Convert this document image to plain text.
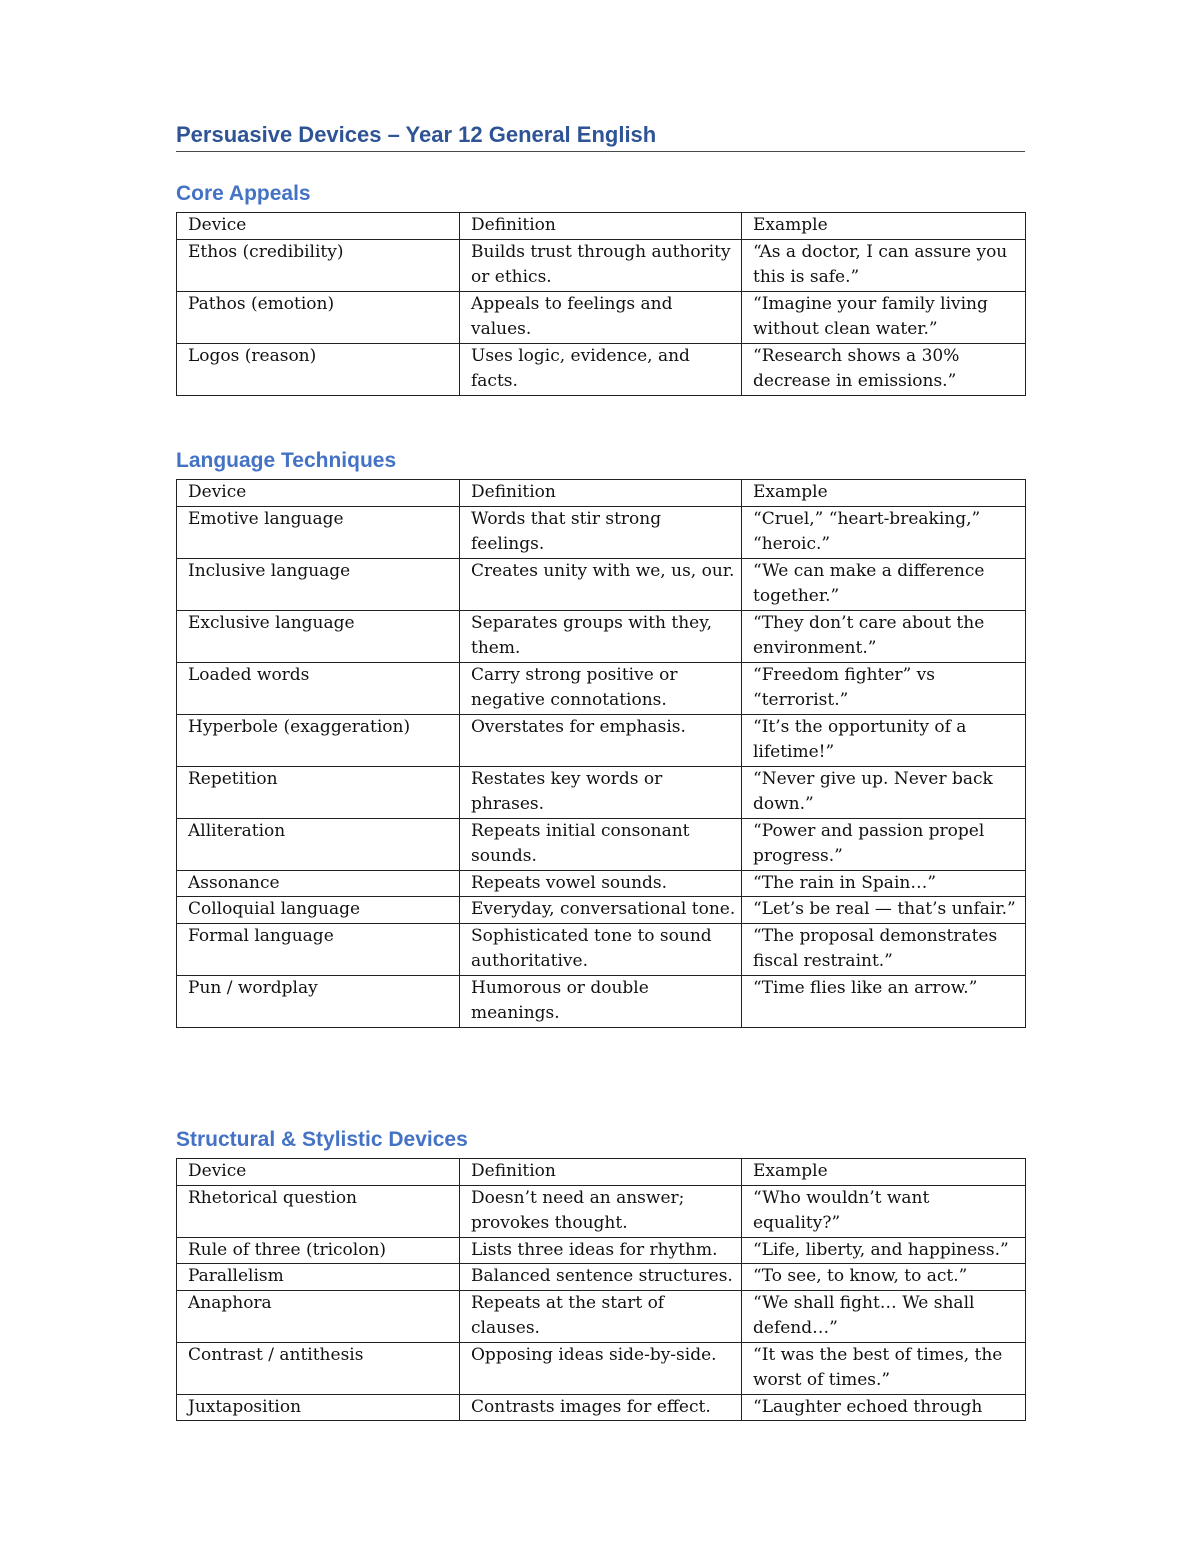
Persuasive Devices – Year 12 General English
Core Appeals
Device	Definition	Example
Ethos (credibility)	Builds trust through authority or ethics.	“As a doctor, I can assure you this is safe.”
Pathos (emotion)	Appeals to feelings and values.	“Imagine your family living without clean water.”
Logos (reason)	Uses logic, evidence, and facts.	“Research shows a 30% decrease in emissions.”
Language Techniques
Device	Definition	Example
Emotive language	Words that stir strong feelings.	“Cruel,” “heart-breaking,” “heroic.”
Inclusive language	Creates unity with we, us, our.	“We can make a difference together.”
Exclusive language	Separates groups with they, them.	“They don’t care about the environment.”
Loaded words	Carry strong positive or negative connotations.	“Freedom fighter” vs “terrorist.”
Hyperbole (exaggeration)	Overstates for emphasis.	“It’s the opportunity of a lifetime!”
Repetition	Restates key words or phrases.	“Never give up. Never back down.”
Alliteration	Repeats initial consonant sounds.	“Power and passion propel progress.”
Assonance	Repeats vowel sounds.	“The rain in Spain…”
Colloquial language	Everyday, conversational tone.	“Let’s be real — that’s unfair.”
Formal language	Sophisticated tone to sound authoritative.	“The proposal demonstrates fiscal restraint.”
Pun / wordplay	Humorous or double meanings.	“Time flies like an arrow.”
Structural & Stylistic Devices
Device	Definition	Example
Rhetorical question	Doesn’t need an answer; provokes thought.	“Who wouldn’t want equality?”
Rule of three (tricolon)	Lists three ideas for rhythm.	“Life, liberty, and happiness.”
Parallelism	Balanced sentence structures.	“To see, to know, to act.”
Anaphora	Repeats at the start of clauses.	“We shall fight… We shall defend…”
Contrast / antithesis	Opposing ideas side-by-side.	“It was the best of times, the worst of times.”
Juxtaposition	Contrasts images for effect.	“Laughter echoed through
